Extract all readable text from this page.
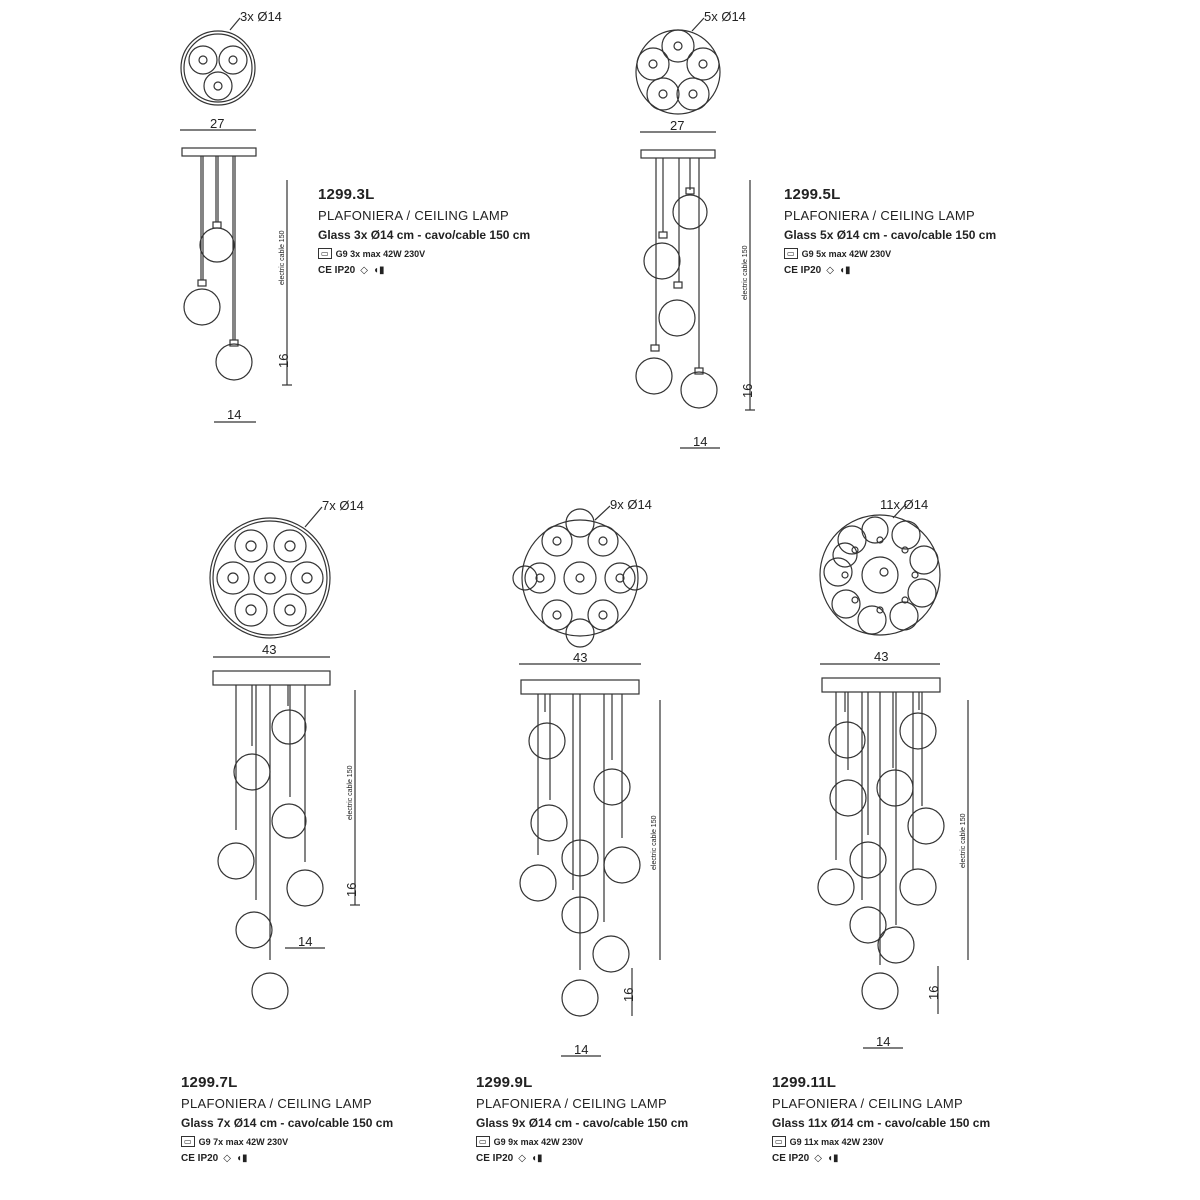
3x Ø14
27
electric cable 150
16
14
5x Ø14
27
electric cable 150
16
14
7x Ø14
43
electric cable 150
16
14
9x Ø14
43
electric cable 150
16
14
11x Ø14
43
electric cable 150
16
14
1299.3L
PLAFONIERA / CEILING LAMP
Glass 3x Ø14 cm - cavo/cable 150 cm
▭ G9 3x max 42W 230V
CE IP20 ◇ ◖▮
1299.5L
PLAFONIERA / CEILING LAMP
Glass 5x Ø14 cm - cavo/cable 150 cm
▭ G9 5x max 42W 230V
CE IP20 ◇ ◖▮
1299.7L
PLAFONIERA / CEILING LAMP
Glass 7x Ø14 cm - cavo/cable 150 cm
▭ G9 7x max 42W 230V
CE IP20 ◇ ◖▮
1299.9L
PLAFONIERA / CEILING LAMP
Glass 9x Ø14 cm - cavo/cable 150 cm
▭ G9 9x max 42W 230V
CE IP20 ◇ ◖▮
1299.11L
PLAFONIERA / CEILING LAMP
Glass 11x Ø14 cm - cavo/cable 150 cm
▭ G9 11x max 42W 230V
CE IP20 ◇ ◖▮
